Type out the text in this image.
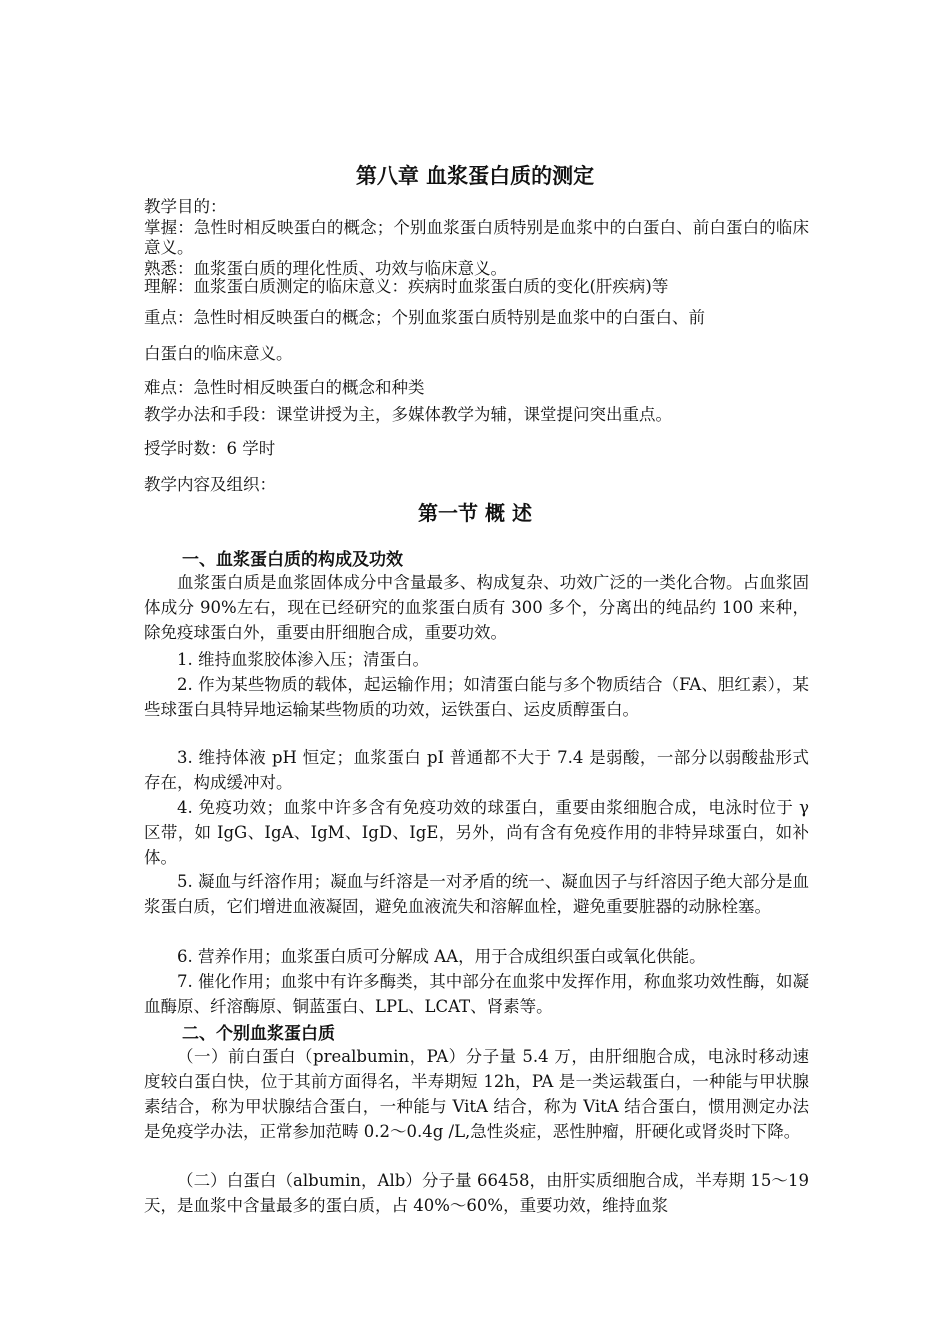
第八章 血浆蛋白质的测定
教学目的：
掌握：急性时相反映蛋白的概念；个别血浆蛋白质特别是血浆中的白蛋白、前白蛋白的临床意义。
熟悉：血浆蛋白质的理化性质、功效与临床意义。
理解：血浆蛋白质测定的临床意义：疾病时血浆蛋白质的变化(肝疾病)等
重点：急性时相反映蛋白的概念；个别血浆蛋白质特别是血浆中的白蛋白、前
白蛋白的临床意义。
难点：急性时相反映蛋白的概念和种类
教学办法和手段：课堂讲授为主，多媒体教学为辅，课堂提问突出重点。
授学时数：6 学时
教学内容及组织：
第一节 概 述
一、血浆蛋白质的构成及功效
血浆蛋白质是血浆固体成分中含量最多、构成复杂、功效广泛的一类化合物。占血浆固体成分 90%左右，现在已经研究的血浆蛋白质有 300 多个，分离出的纯品约 100 来种，除免疫球蛋白外，重要由肝细胞合成，重要功效。
1. 维持血浆胶体渗入压；清蛋白。
2. 作为某些物质的载体，起运输作用；如清蛋白能与多个物质结合（FA、胆红素），某些球蛋白具特异地运输某些物质的功效，运铁蛋白、运皮质醇蛋白。
3. 维持体液 pH 恒定；血浆蛋白 pI 普通都不大于 7.4 是弱酸，一部分以弱酸盐形式存在，构成缓冲对。
4. 免疫功效；血浆中许多含有免疫功效的球蛋白，重要由浆细胞合成，电泳时位于 γ 区带，如 IgG、IgA、IgM、IgD、IgE，另外，尚有含有免疫作用的非特异球蛋白，如补体。
5. 凝血与纤溶作用；凝血与纤溶是一对矛盾的统一、凝血因子与纤溶因子绝大部分是血浆蛋白质，它们增进血液凝固，避免血液流失和溶解血栓，避免重要脏器的动脉栓塞。
6. 营养作用；血浆蛋白质可分解成 AA，用于合成组织蛋白或氧化供能。
7. 催化作用；血浆中有许多酶类，其中部分在血浆中发挥作用，称血浆功效性酶，如凝血酶原、纤溶酶原、铜蓝蛋白、LPL、LCAT、肾素等。
二、个别血浆蛋白质
（一）前白蛋白（prealbumin，PA）分子量 5.4 万，由肝细胞合成，电泳时移动速度较白蛋白快，位于其前方面得名，半寿期短 12h，PA 是一类运载蛋白，一种能与甲状腺素结合，称为甲状腺结合蛋白，一种能与 VitA 结合，称为 VitA 结合蛋白，惯用测定办法是免疫学办法，正常参加范畴 0.2～0.4g /L,急性炎症，恶性肿瘤，肝硬化或肾炎时下降。
（二）白蛋白（albumin，Alb）分子量 66458，由肝实质细胞合成，半寿期 15～19 天，是血浆中含量最多的蛋白质，占 40%～60%，重要功效，维持血浆
